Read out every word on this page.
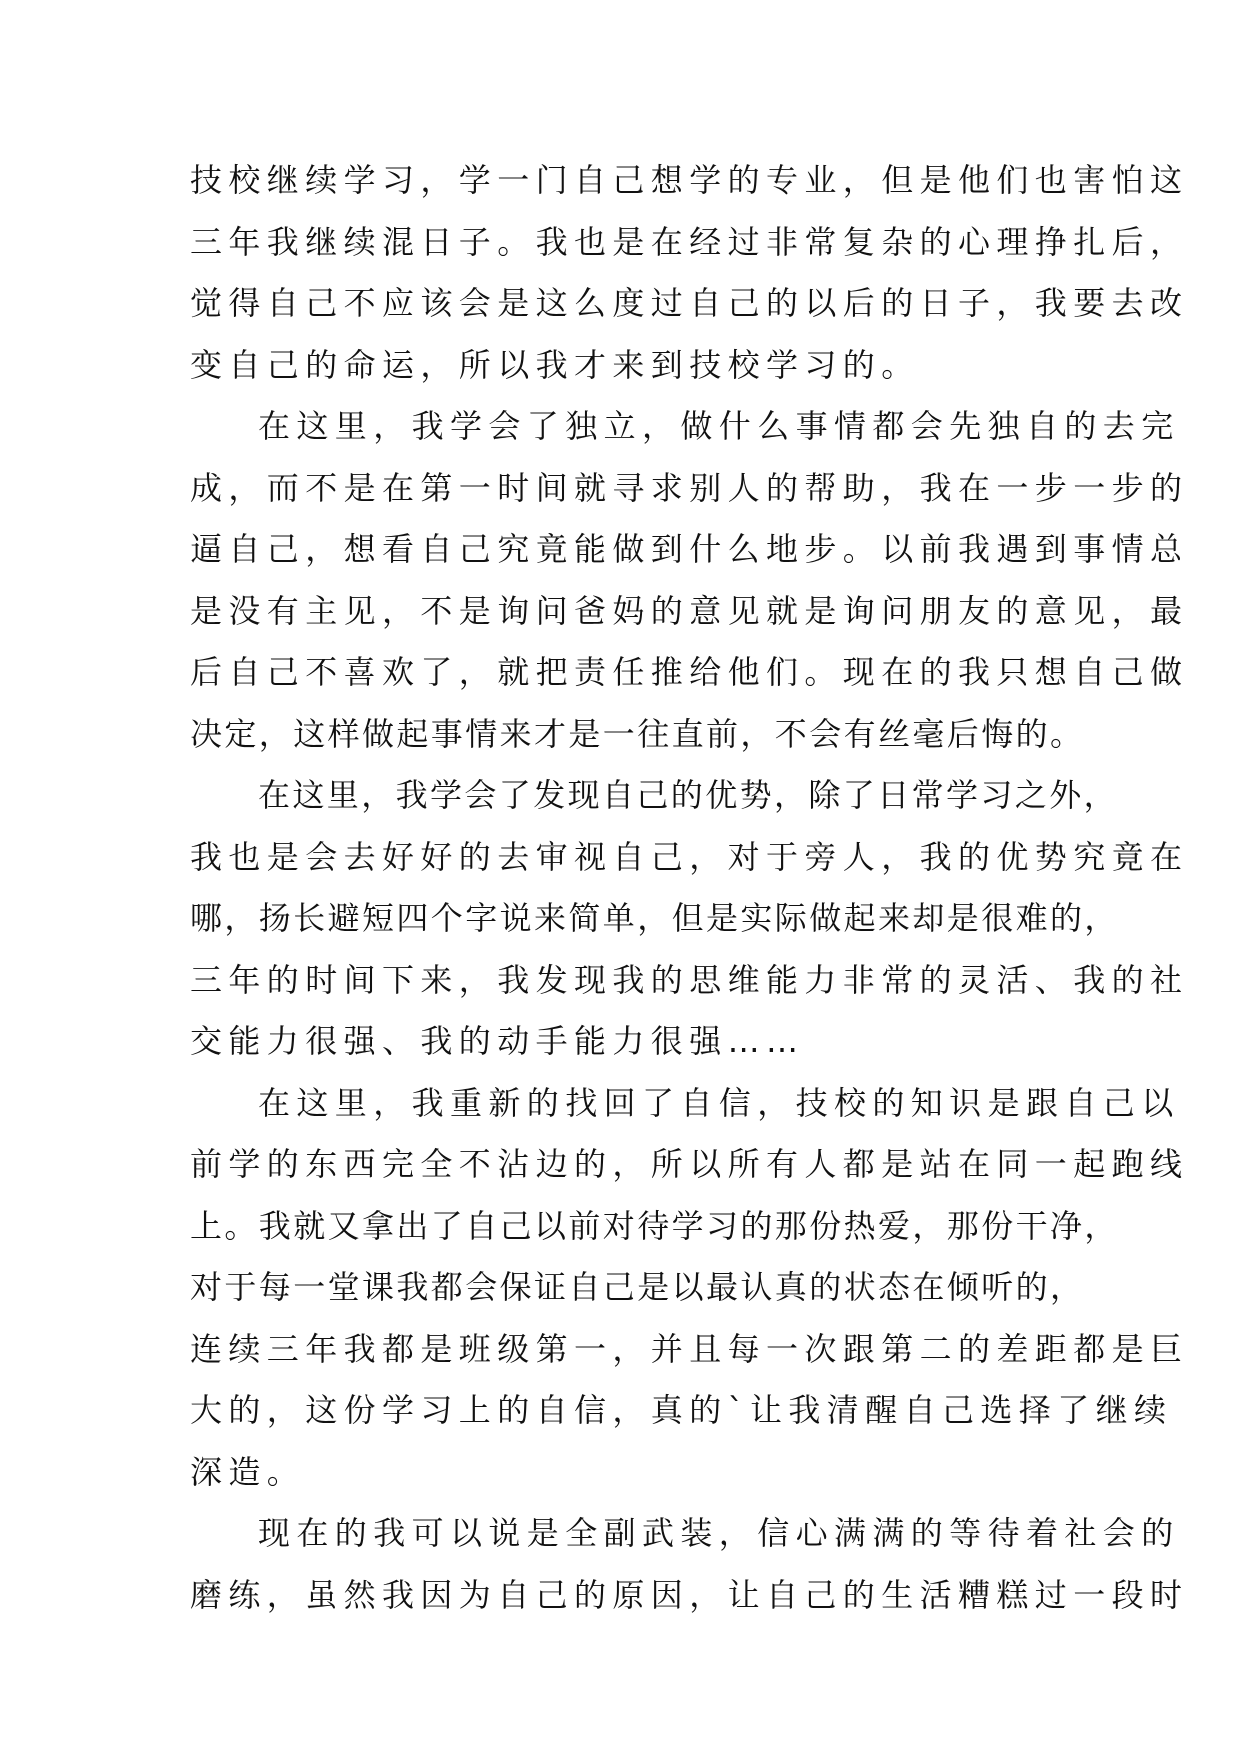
技校继续学习，学一门自己想学的专业，但是他们也害怕这
三年我继续混日子。我也是在经过非常复杂的心理挣扎后，
觉得自己不应该会是这么度过自己的以后的日子，我要去改
变自己的命运，所以我才来到技校学习的。
在这里，我学会了独立，做什么事情都会先独自的去完
成，而不是在第一时间就寻求别人的帮助，我在一步一步的
逼自己，想看自己究竟能做到什么地步。以前我遇到事情总
是没有主见，不是询问爸妈的意见就是询问朋友的意见，最
后自己不喜欢了，就把责任推给他们。现在的我只想自己做
决定，这样做起事情来才是一往直前，不会有丝毫后悔的。
在这里，我学会了发现自己的优势，除了日常学习之外，
我也是会去好好的去审视自己，对于旁人，我的优势究竟在
哪，扬长避短四个字说来简单，但是实际做起来却是很难的，
三年的时间下来，我发现我的思维能力非常的灵活、我的社
交能力很强、我的动手能力很强……
在这里，我重新的找回了自信，技校的知识是跟自己以
前学的东西完全不沾边的，所以所有人都是站在同一起跑线
上。我就又拿出了自己以前对待学习的那份热爱，那份干净，
对于每一堂课我都会保证自己是以最认真的状态在倾听的，
连续三年我都是班级第一，并且每一次跟第二的差距都是巨
大的，这份学习上的自信，真的`让我清醒自己选择了继续
深造。
现在的我可以说是全副武装，信心满满的等待着社会的
磨练，虽然我因为自己的原因，让自己的生活糟糕过一段时
